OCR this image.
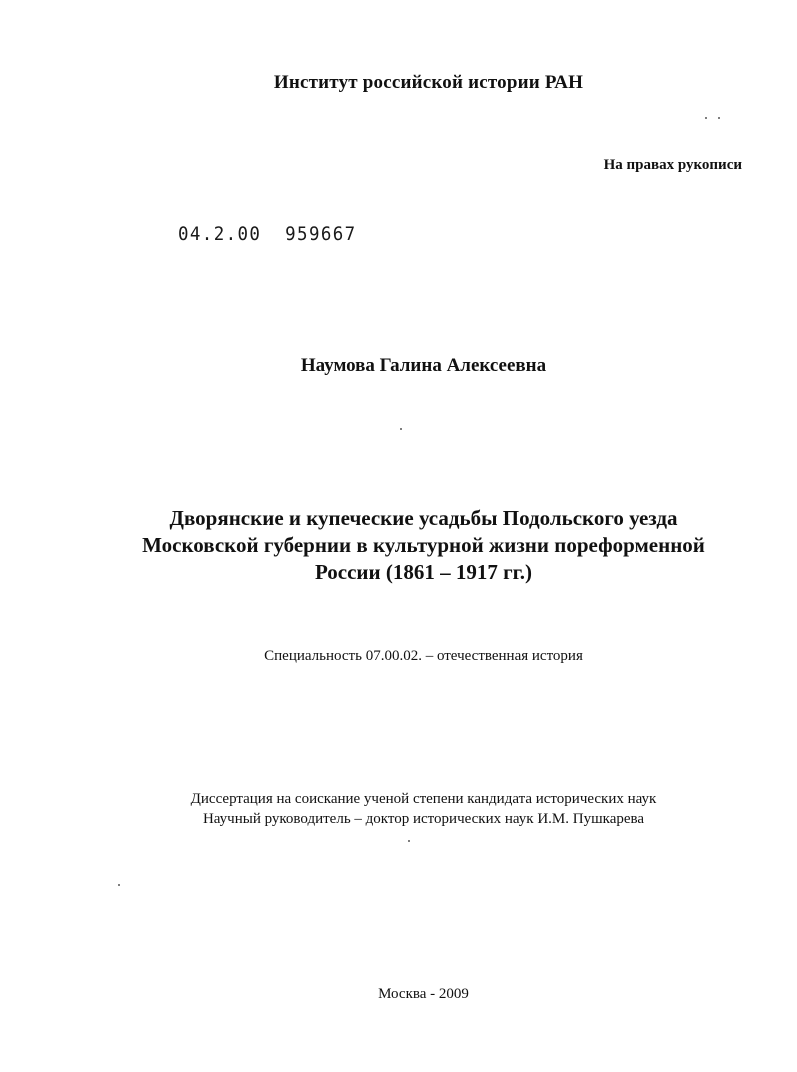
Институт российской истории РАН
На правах рукописи
04.2.00  959667
Наумова Галина Алексеевна
Дворянские и купеческие усадьбы Подольского уезда
Московской губернии в культурной жизни пореформенной
России (1861 – 1917 гг.)
Специальность 07.00.02. – отечественная история
Диссертация на соискание ученой степени кандидата исторических наук
Научный руководитель – доктор исторических наук И.М. Пушкарева
Москва - 2009
